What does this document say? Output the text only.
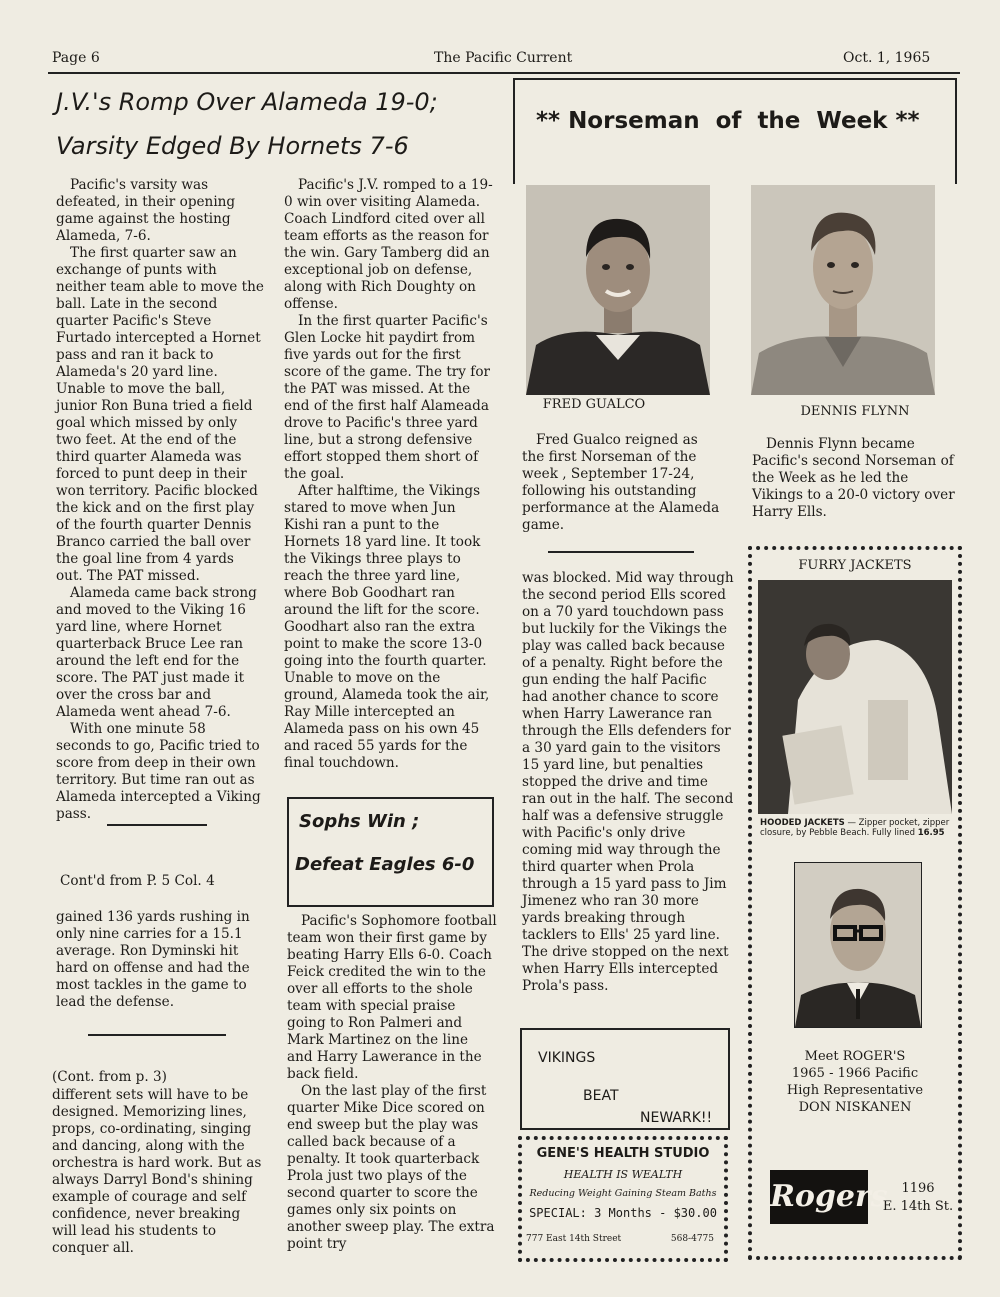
Page 6	The Pacific Current	Oct. 1, 1965
J.V.'s Romp Over Alameda 19-0;
Varsity Edged By Hornets 7-6

Pacific's varsity was defeated, in their opening game against the hosting Alameda, 7-6.

The first quarter saw an exchange of punts with neither team able to move the ball. Late in the second quarter Pacific's Steve Furtado intercepted a Hornet pass and ran it back to Alameda's 20 yard line. Unable to move the ball, junior Ron Buna tried a field goal which missed by only two feet. At the end of the third quarter Alameda was forced to punt deep in their won territory. Pacific blocked the kick and on the first play of the fourth quarter Dennis Branco carried the ball over the goal line from 4 yards out. The PAT missed.

Alameda came back strong and moved to the Viking 16 yard line, where Hornet quarterback Bruce Lee ran around the left end for the score. The PAT just made it over the cross bar and Alameda went ahead 7-6.

With one minute 58 seconds to go, Pacific tried to score from deep in their own territory. But time ran out as Alameda intercepted a Viking pass.

Cont'd from P. 5 Col. 4

gained 136 yards rushing in only nine carries for a 15.1 average. Ron Dyminski hit hard on offense and had the most tackles in the game to lead the defense.

(Cont. from p. 3)

different sets will have to be designed. Memorizing lines, props, co-ordinating, singing and dancing, along with the orchestra is hard work. But as always Darryl Bond's shining example of courage and self confidence, never breaking will lead his students to conquer all.

Pacific's J.V. romped to a 19-0 win over visiting Alameda. Coach Lindford cited over all team efforts as the reason for the win. Gary Tamberg did an exceptional job on defense, along with Rich Doughty on offense.

In the first quarter Pacific's Glen Locke hit paydirt from five yards out for the first score of the game. The try for the PAT was missed. At the end of the first half Alameada drove to Pacific's three yard line, but a strong defensive effort stopped them short of the goal.

After halftime, the Vikings stared to move when Jun Kishi ran a punt to the Hornets 18 yard line. It took the Vikings three plays to reach the three yard line, where Bob Goodhart ran around the lift for the score. Goodhart also ran the extra point to make the score 13-0 going into the fourth quarter. Unable to move on the ground, Alameda took the air, Ray Mille intercepted an Alameda pass on his own 45 and raced 55 yards for the final touchdown.

Sophs Win ;
Defeat Eagles 6-0

Pacific's Sophomore football team won their first game by beating Harry Ells 6-0. Coach Feick credited the win to the over all efforts to the shole team with special praise going to Ron Palmeri and Mark Martinez on the line and Harry Lawerance in the back field.

On the last play of the first quarter Mike Dice scored on end sweep but the play was called back because of a penalty. It took quarterback Prola just two plays of the second quarter to score the games only six points on another sweep play. The extra point try

** Norseman  of  the  Week **
FRED GUALCO	DENNIS FLYNN

Fred Gualco reigned as the first Norseman of the week , September 17-24, following his outstanding performance at the Alameda game.

Dennis Flynn became Pacific's second Norseman of the Week as he led the Vikings to a 20-0 victory over Harry Ells.

was blocked. Mid way through the second period Ells scored on a 70 yard touchdown pass but luckily for the Vikings the play was called back because of a penalty. Right before the gun ending the half Pacific had another chance to score when Harry Lawerance ran through the Ells defenders for a 30 yard gain to the visitors 15 yard line, but penalties stopped the drive and time ran out in the half. The second half was a defensive struggle with Pacific's only drive coming mid way through the third quarter when Prola through a 15 yard pass to Jim Jimenez who ran 30 more yards breaking through tacklers to Ells' 25 yard line. The drive stopped on the next when Harry Ells intercepted Prola's pass.

VIKINGS
BEAT
NEWARK!!
GENE'S HEALTH STUDIO
HEALTH IS WEALTH
Reducing Weight Gaining Steam Baths
SPECIAL: 3 Months - $30.00
777 East 14th Street	568-4775
FURRY JACKETS
HOODED JACKETS — Zipper pocket, zipper closure, by Pebble Beach. Fully lined 16.95
Meet ROGER'S
1965 - 1966 Pacific
High Representative
DON NISKANEN
Rogers	1196
E. 14th St.
